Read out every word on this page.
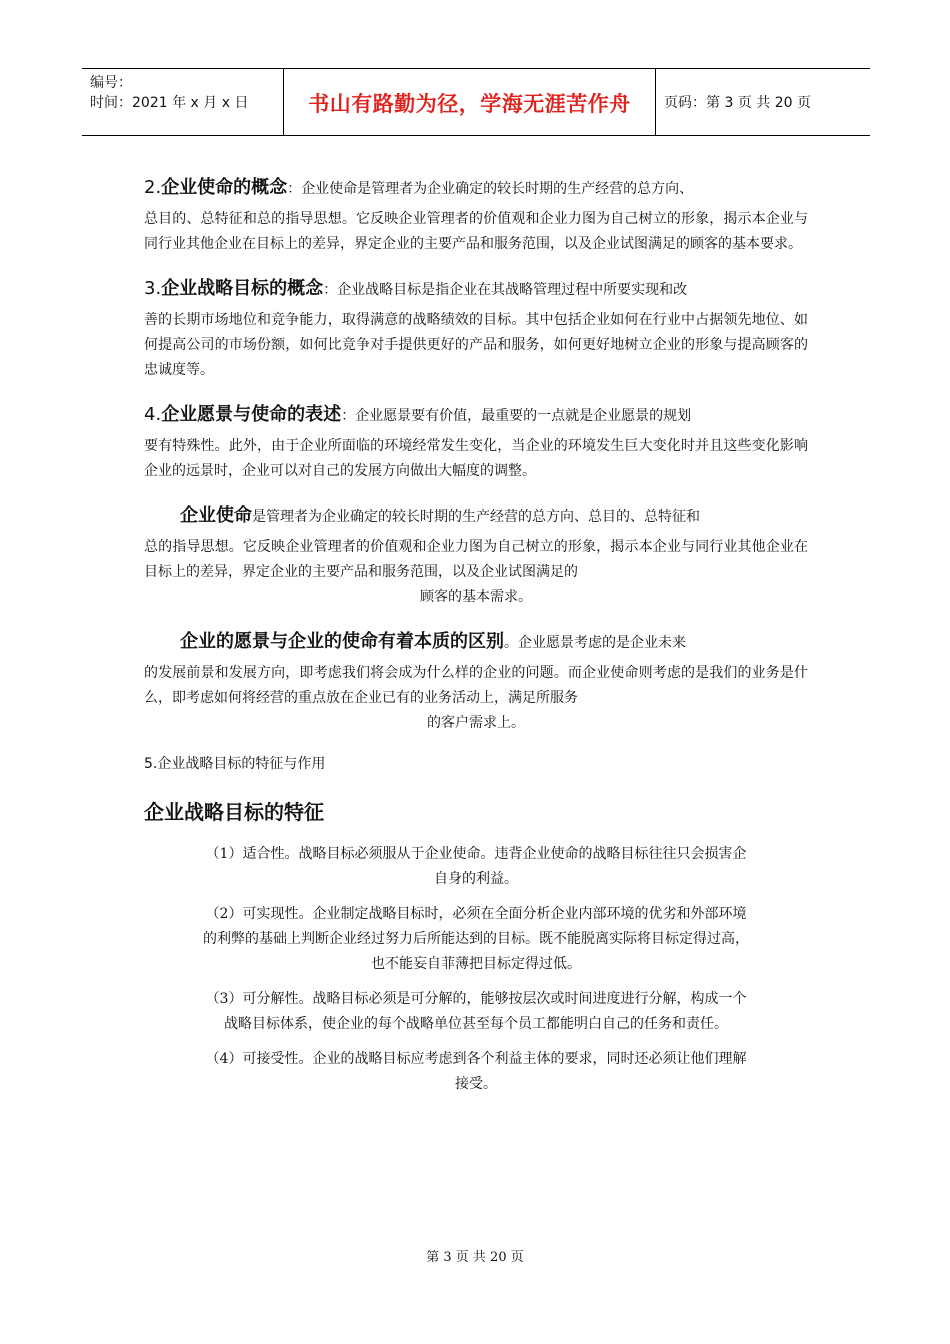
编号：
时间：2021 年 x 月 x 日	书山有路勤为径，学海无涯苦作舟 页码：第 3 页 共 20 页

2.企业使命的概念：企业使命是管理者为企业确定的较长时期的生产经营的总方向、
总目的、总特征和总的指导思想。它反映企业管理者的价值观和企业力图为自己树立的形象，揭示本企业与同行业其他企业在目标上的差异，界定企业的主要产品和服务范围，以及企业试图满足的顾客的基本要求。

3.企业战略目标的概念：企业战略目标是指企业在其战略管理过程中所要实现和改
善的长期市场地位和竞争能力，取得满意的战略绩效的目标。其中包括企业如何在行业中占据领先地位、如何提高公司的市场份额，如何比竞争对手提供更好的产品和服务，如何更好地树立企业的形象与提高顾客的忠诚度等。

4.企业愿景与使命的表述：企业愿景要有价值，最重要的一点就是企业愿景的规划
要有特殊性。此外，由于企业所面临的环境经常发生变化，当企业的环境发生巨大变化时并且这些变化影响企业的远景时，企业可以对自己的发展方向做出大幅度的调整。

企业使命是管理者为企业确定的较长时期的生产经营的总方向、总目的、总特征和
总的指导思想。它反映企业管理者的价值观和企业力图为自己树立的形象，揭示本企业与同行业其他企业在目标上的差异，界定企业的主要产品和服务范围，以及企业试图满足的

顾客的基本需求。

企业的愿景与企业的使命有着本质的区别。企业愿景考虑的是企业未来
的发展前景和发展方向，即考虑我们将会成为什么样的企业的问题。而企业使命则考虑的是我们的业务是什么，即考虑如何将经营的重点放在企业已有的业务活动上，满足所服务

的客户需求上。

5.企业战略目标的特征与作用
企业战略目标的特征

（1）适合性。战略目标必须服从于企业使命。违背企业使命的战略目标往往只会损害企
自身的利益。

（2）可实现性。企业制定战略目标时，必须在全面分析企业内部环境的优劣和外部环境
的利弊的基础上判断企业经过努力后所能达到的目标。既不能脱离实际将目标定得过高，
也不能妄自菲薄把目标定得过低。

（3）可分解性。战略目标必须是可分解的，能够按层次或时间进度进行分解，构成一个
战略目标体系，使企业的每个战略单位甚至每个员工都能明白自己的任务和责任。

（4）可接受性。企业的战略目标应考虑到各个利益主体的要求，同时还必须让他们理解
接受。

第 3 页 共 20 页
